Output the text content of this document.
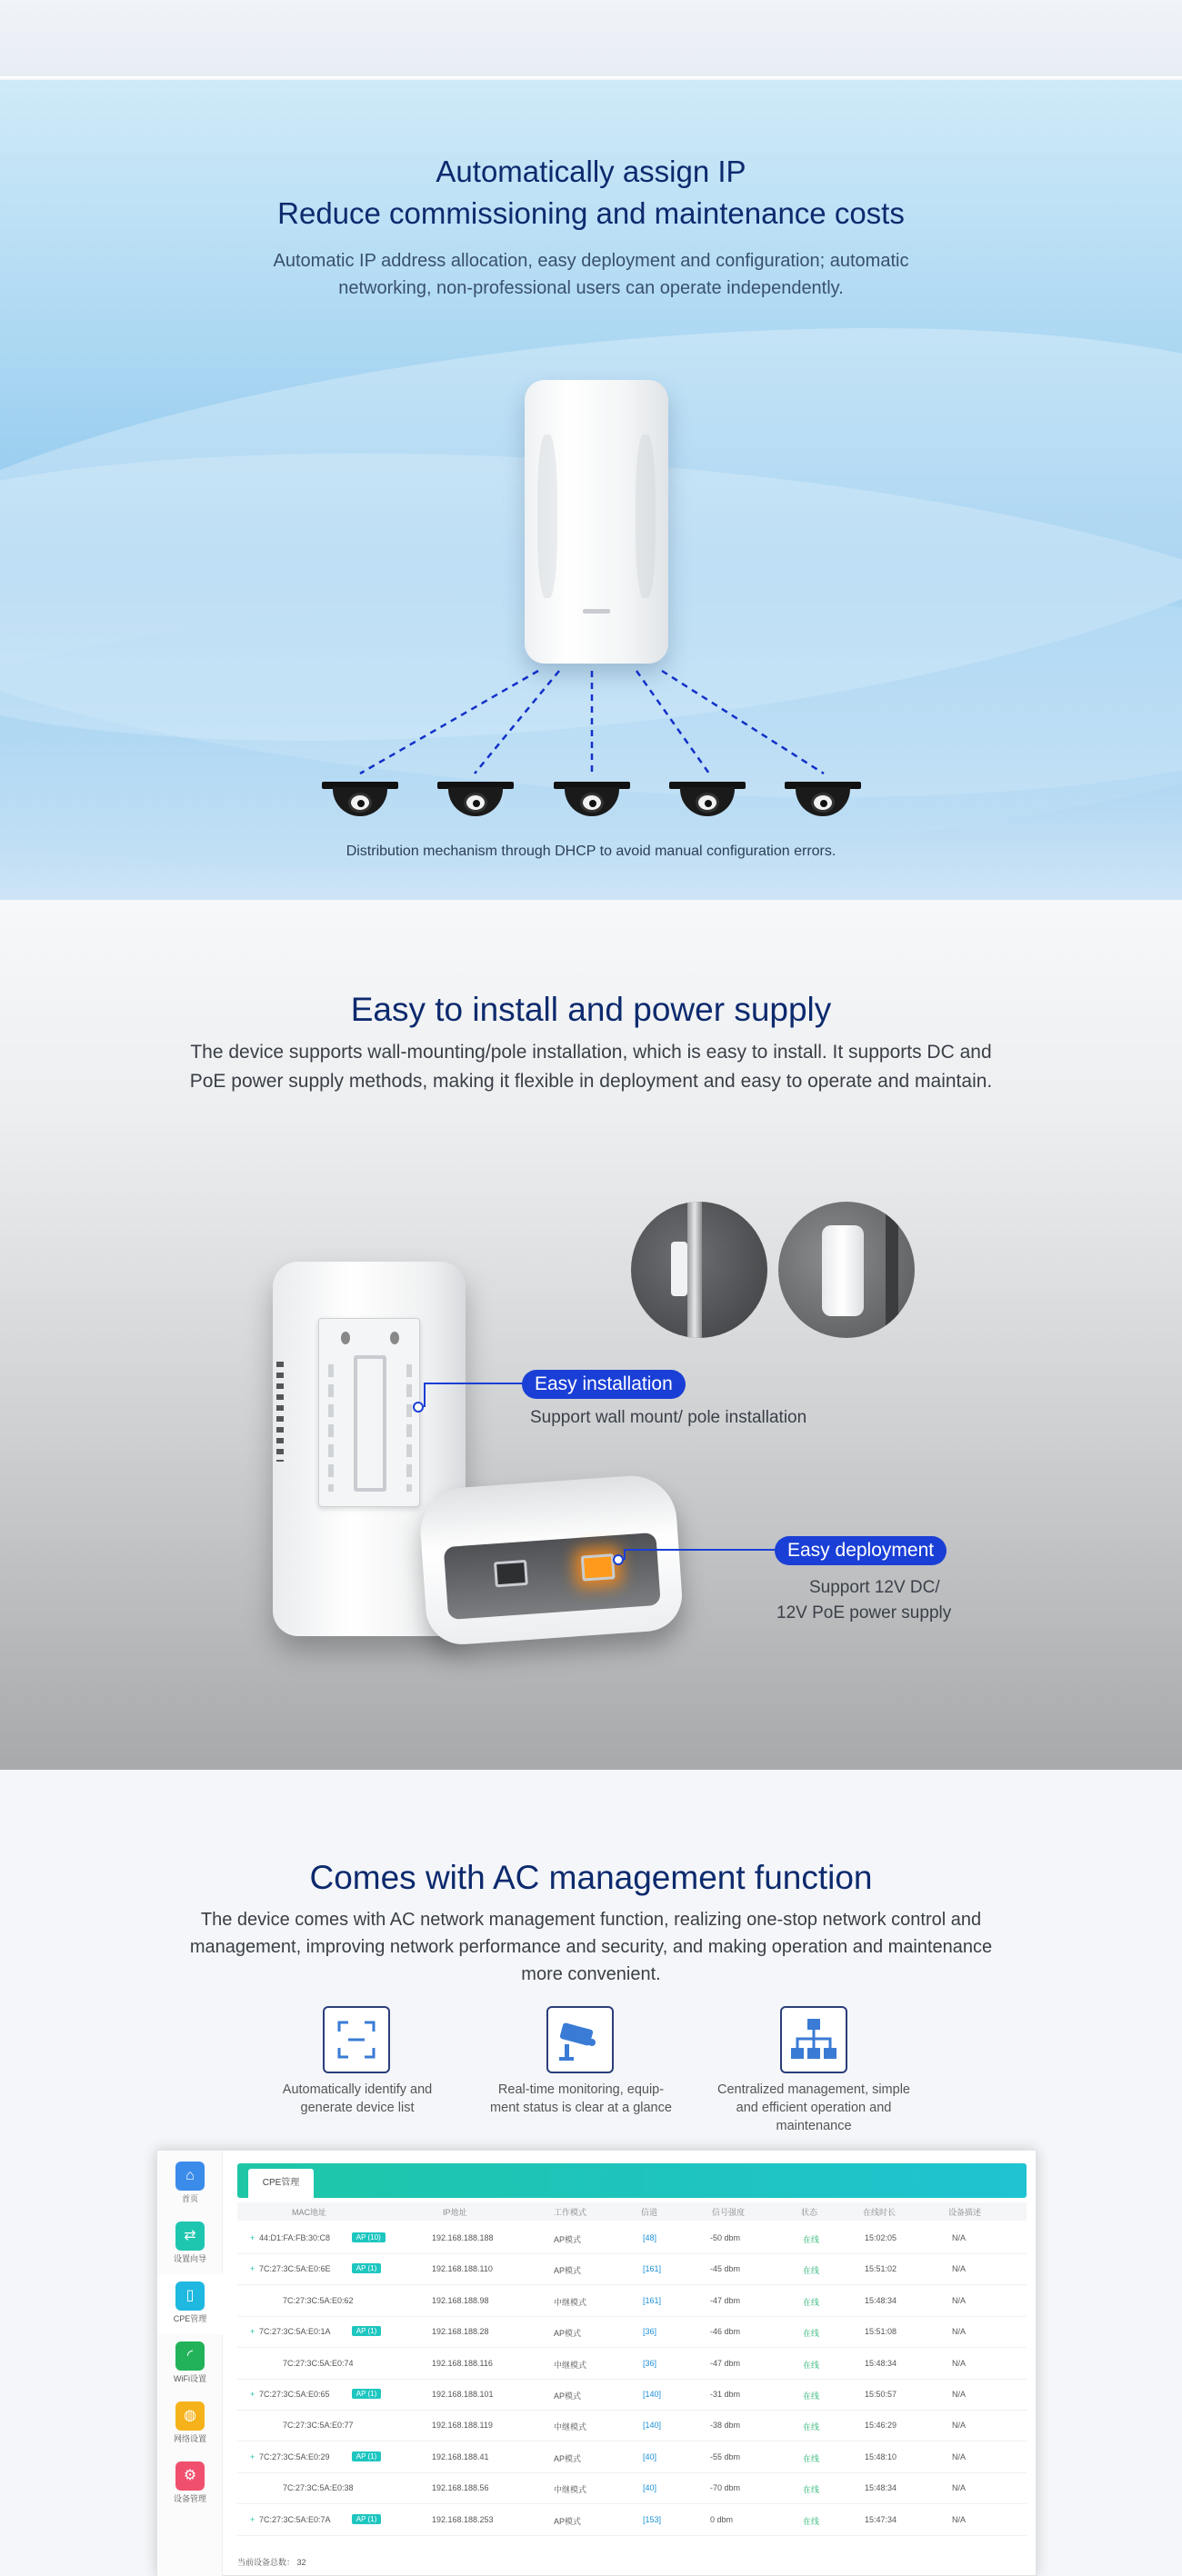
Automatically assign IP
Reduce commissioning and maintenance costs
Automatic IP address allocation, easy deployment and configuration; automatic
networking, non-professional users can operate independently.
Distribution mechanism through DHCP to avoid manual configuration errors.
Easy to install and power supply
The device supports wall-mounting/pole installation, which is easy to install. It supports DC and
PoE power supply methods, making it flexible in deployment and easy to operate and maintain.
Easy installation
Support wall mount/ pole installation
Easy deployment
Support 12V DC/
12V PoE power supply
Comes with AC management function
The device comes with AC network management function, realizing one-stop network control and
management, improving network performance and security, and making operation and maintenance
more convenient.
Automatically identify and
generate device list
Real-time monitoring, equip-
ment status is clear at a glance
Centralized management, simple
and efficient operation and
maintenance
⌂
首页
⇄
设置向导
▯
CPE管理
◜
WiFi设置
◍
网络设置
⚙
设备管理
CPE管理
MAC地址	IP地址	工作模式	信道	信号强度	状态	在线时长	设备描述
+ 44:D1:FA:FB:30:C8	AP (10)	192.168.188.188	AP模式	[48]	-50 dbm	在线	15:02:05	N/A
+ 7C:27:3C:5A:E0:6E	AP (1)	192.168.188.110	AP模式	[161]	-45 dbm	在线	15:51:02	N/A
7C:27:3C:5A:E0:62	192.168.188.98	中继模式	[161]	-47 dbm	在线	15:48:34	N/A
+ 7C:27:3C:5A:E0:1A	AP (1)	192.168.188.28	AP模式	[36]	-46 dbm	在线	15:51:08	N/A
7C:27:3C:5A:E0:74	192.168.188.116	中继模式	[36]	-47 dbm	在线	15:48:34	N/A
+ 7C:27:3C:5A:E0:65	AP (1)	192.168.188.101	AP模式	[140]	-31 dbm	在线	15:50:57	N/A
7C:27:3C:5A:E0:77	192.168.188.119	中继模式	[140]	-38 dbm	在线	15:46:29	N/A
+ 7C:27:3C:5A:E0:29	AP (1)	192.168.188.41	AP模式	[40]	-55 dbm	在线	15:48:10	N/A
7C:27:3C:5A:E0:38	192.168.188.56	中继模式	[40]	-70 dbm	在线	15:48:34	N/A
+ 7C:27:3C:5A:E0:7A	AP (1)	192.168.188.253	AP模式	[153]	0 dbm	在线	15:47:34	N/A
当前设备总数： 32
